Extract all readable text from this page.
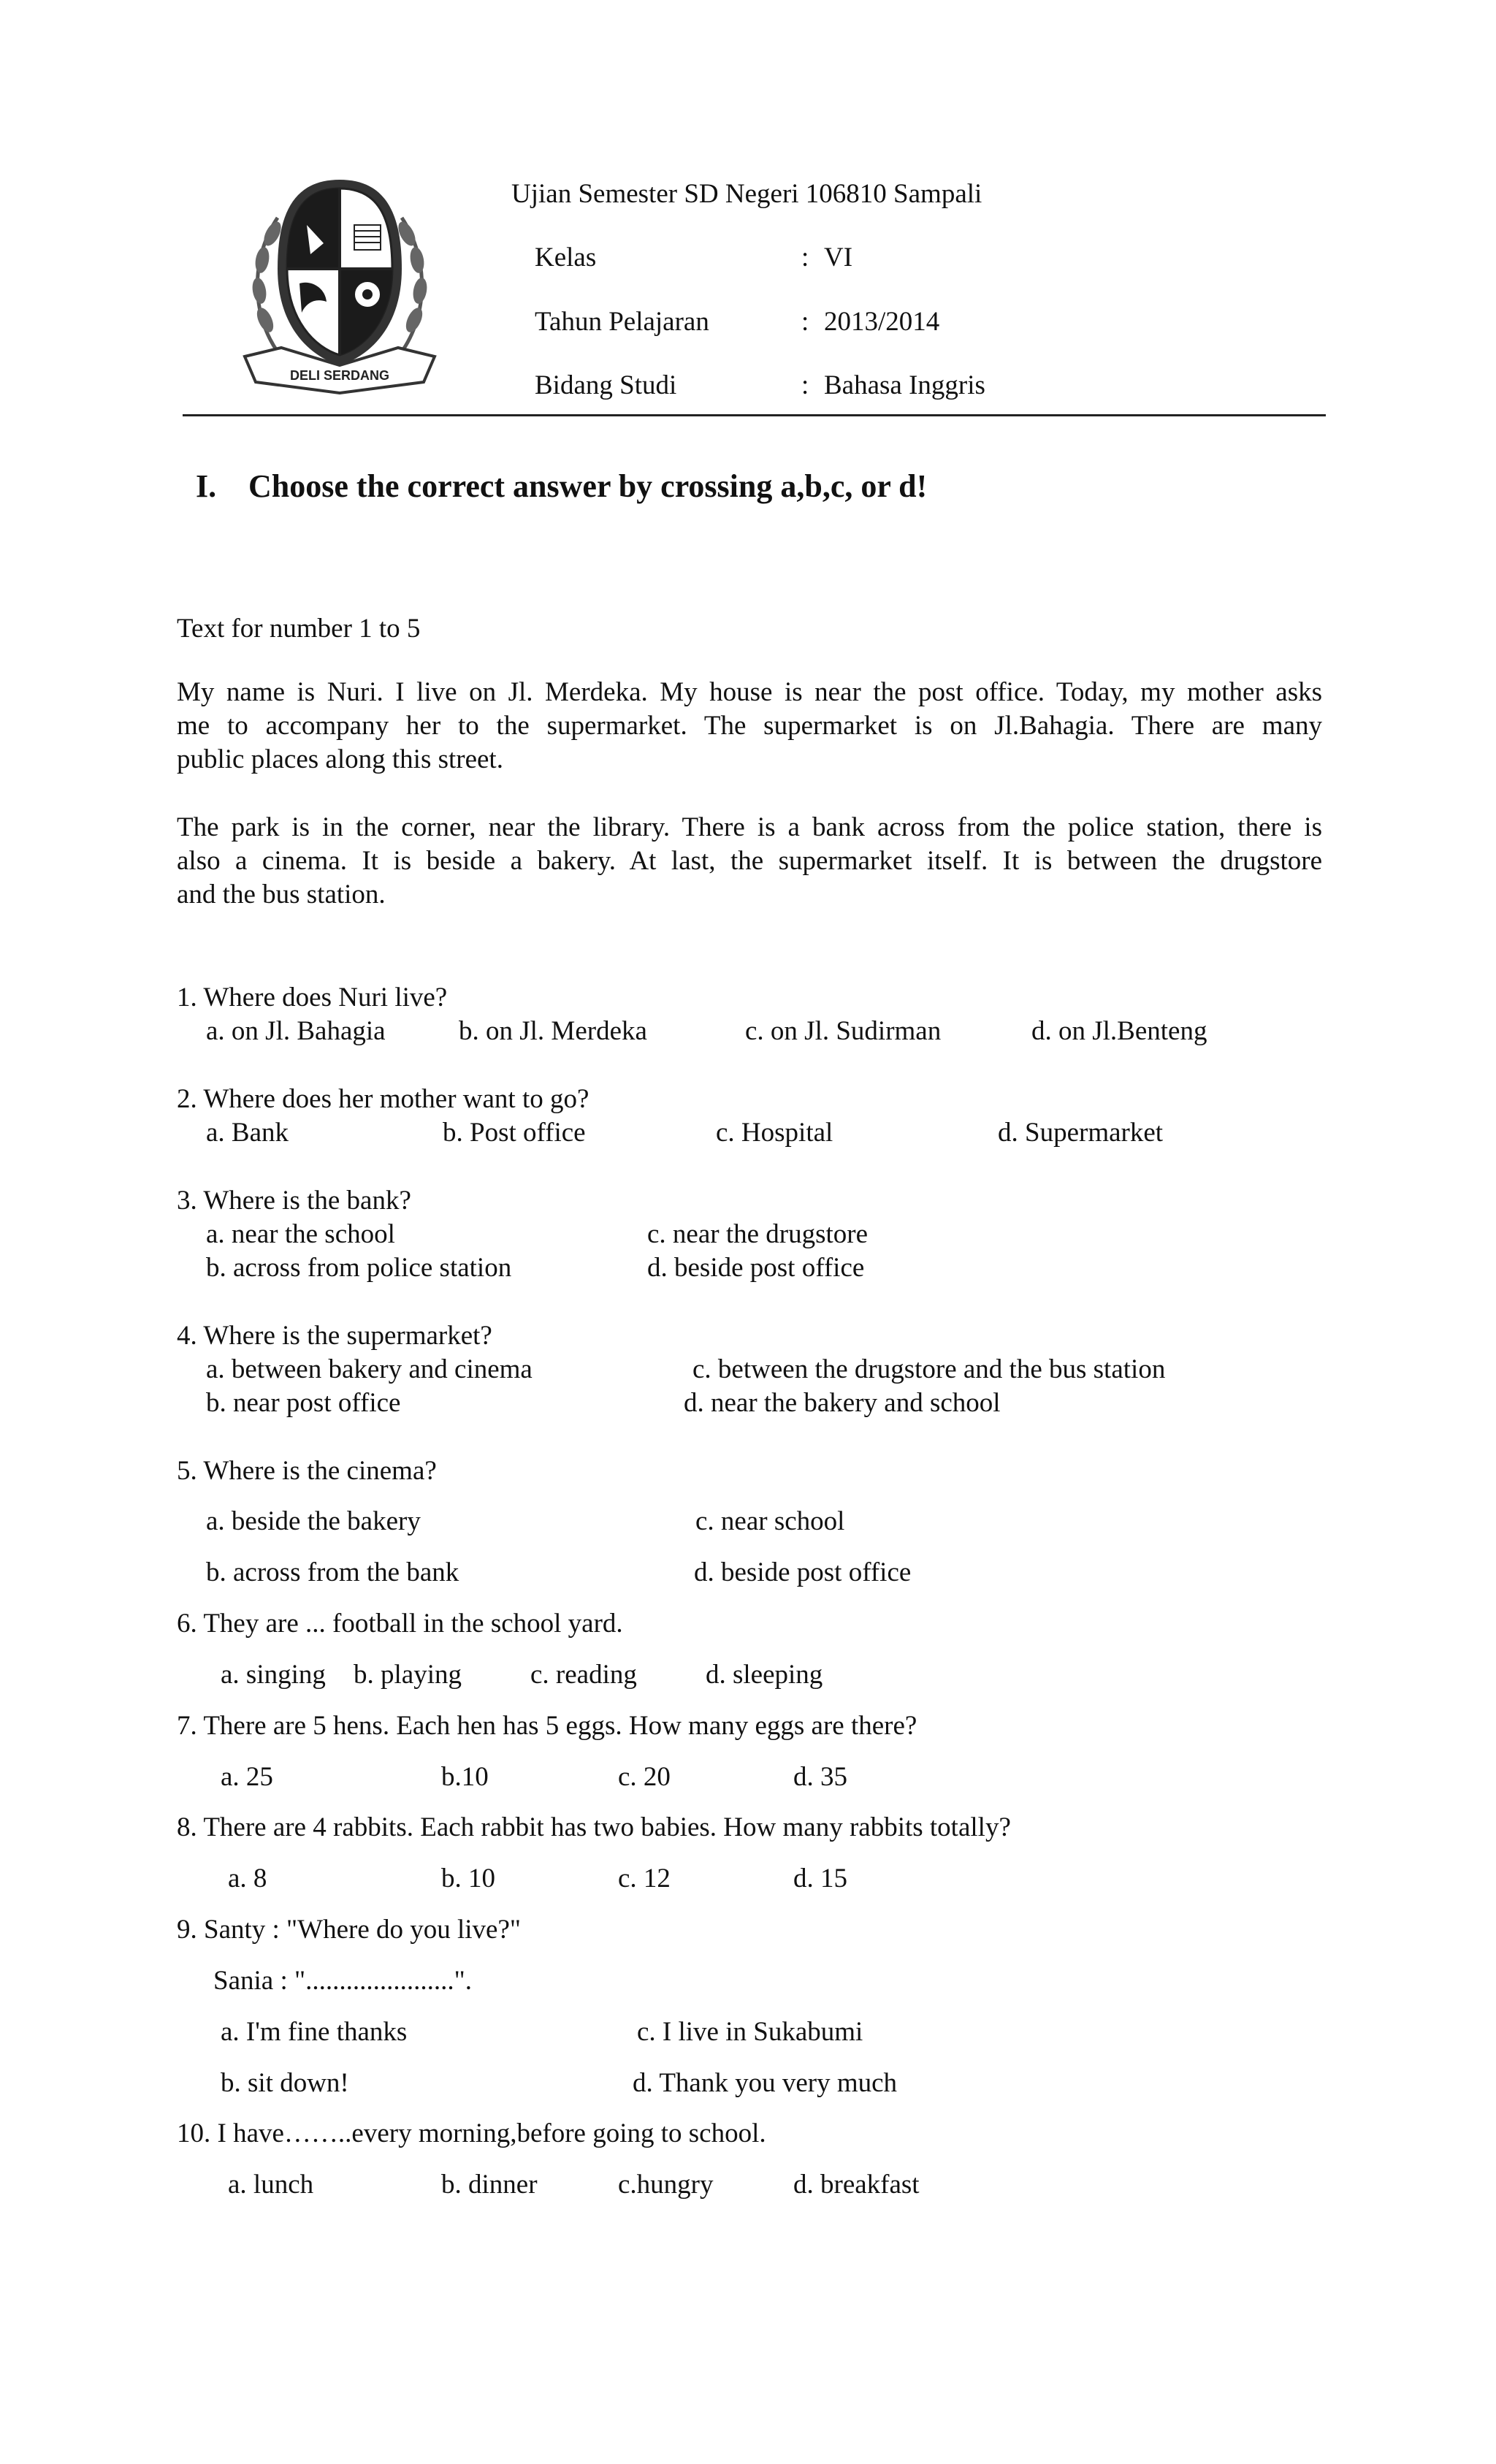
DELI SERDANG
Ujian Semester SD Negeri 106810 Sampali
Kelas	: VI
Tahun Pelajaran	: 2013/2014
Bidang Studi	: Bahasa Inggris
I. Choose the correct answer by crossing a,b,c, or d!
Text for number 1 to 5
My name is Nuri. I live on Jl. Merdeka. My house is near the post office. Today, my mother asks
me to accompany her to the supermarket. The supermarket is on Jl.Bahagia. There are many
public places along this street.
The park is in the corner, near the library. There is a bank across from the police station, there is
also a cinema. It is beside a bakery. At last, the supermarket itself. It is between the drugstore
and the bus station.
1. Where does Nuri live?
a. on Jl. Bahagia	b. on Jl. Merdeka	c. on Jl. Sudirman	d. on Jl.Benteng
2. Where does her mother want to go?
a. Bank	b. Post office	c. Hospital	d. Supermarket
3. Where is the bank?
a. near the school	c. near the drugstore
b. across from police station	d. beside post office
4. Where is the supermarket?
a. between bakery and cinema	c. between the drugstore and the bus station
b. near post office	d. near the bakery and school
5. Where is the cinema?
a. beside the bakery	c. near school
b. across from the bank	d. beside post office
6. They are ... football in the school yard.
a. singing b. playing	c. reading	d. sleeping
7. There are 5 hens. Each hen has 5 eggs. How many eggs are there?
a. 25	b.10	c. 20	d. 35
8. There are 4 rabbits. Each rabbit has two babies. How many rabbits totally?
a. 8	b. 10	c. 12	d. 15
9. Santy : "Where do you live?"
Sania : "......................".
a. I'm fine thanks	c. I live in Sukabumi
b. sit down!	d. Thank you very much
10. I have……..every morning,before going to school.
a. lunch	b. dinner	c.hungry	d. breakfast
